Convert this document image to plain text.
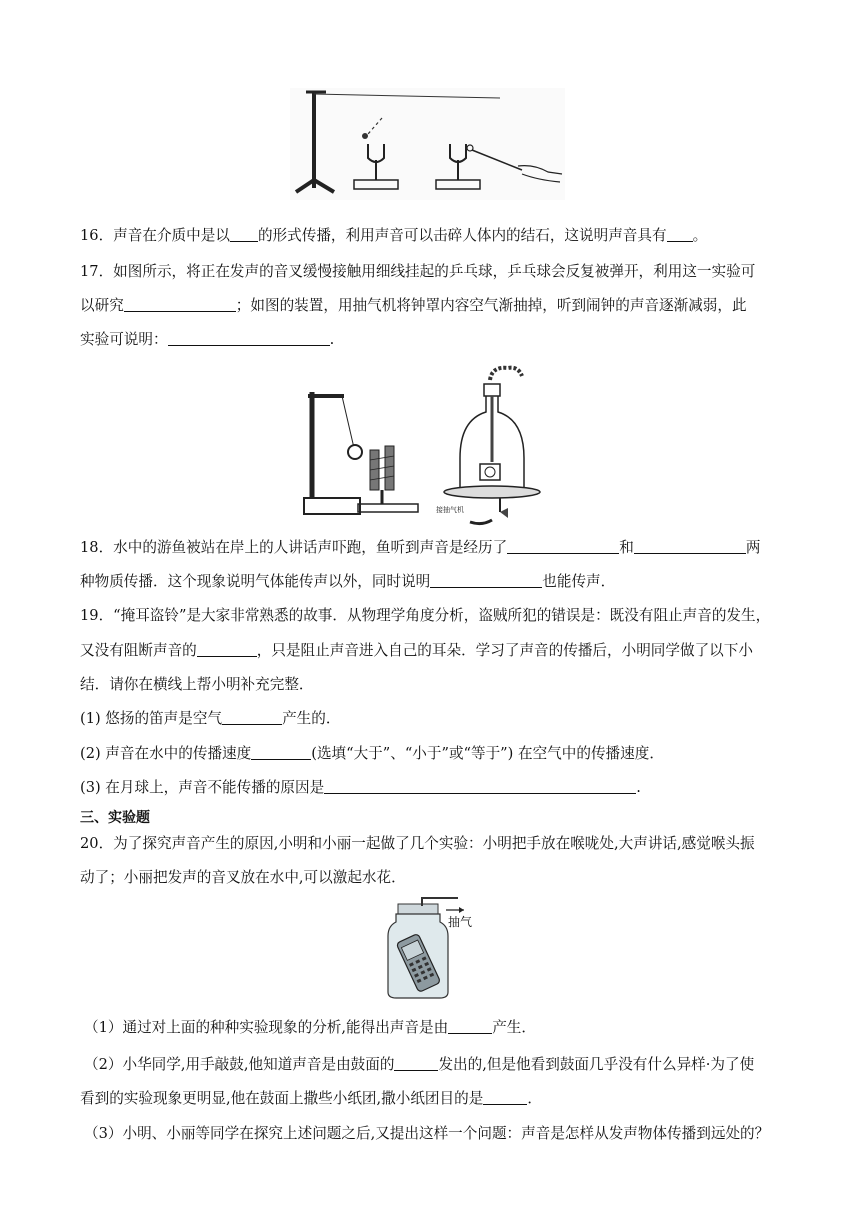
16．声音在介质中是以 的形式传播，利用声音可以击碎人体内的结石，这说明声音具有 。
17．如图所示，将正在发声的音叉缓慢接触用细线挂起的乒乓球，乒乓球会反复被弹开，利用这一实验可
以研究	；如图的装置，用抽气机将钟罩内容空气渐抽掉，听到闹钟的声音逐渐减弱，此
实验可说明：	.
接抽气机
18．水中的游鱼被站在岸上的人讲话声吓跑，鱼听到声音是经历了	和	两
种物质传播．这个现象说明气体能传声以外，同时说明	也能传声．
19．“掩耳盗铃”是大家非常熟悉的故事．从物理学角度分析，盗贼所犯的错误是：既没有阻止声音的发生，
又没有阻断声音的	，只是阻止声音进入自己的耳朵．学习了声音的传播后，小明同学做了以下小
结．请你在横线上帮小明补充完整．
(1) 悠扬的笛声是空气	产生的．
(2) 声音在水中的传播速度	(选填“大于”、“小于”或“等于”) 在空气中的传播速度．
(3) 在月球上，声音不能传播的原因是	.
三、实验题
20．为了探究声音产生的原因,小明和小丽一起做了几个实验：小明把手放在喉咙处,大声讲话,感觉喉头振
动了；小丽把发声的音叉放在水中,可以激起水花．
抽气
（1）通过对上面的种种实验现象的分析,能得出声音是由	产生．
（2）小华同学,用手敲鼓,他知道声音是由鼓面的	发出的,但是他看到鼓面几乎没有什么异样·为了使
看到的实验现象更明显,他在鼓面上撒些小纸团,撒小纸团目的是	．
（3）小明、小丽等同学在探究上述问题之后,又提出这样一个问题：声音是怎样从发声物体传播到远处的？
